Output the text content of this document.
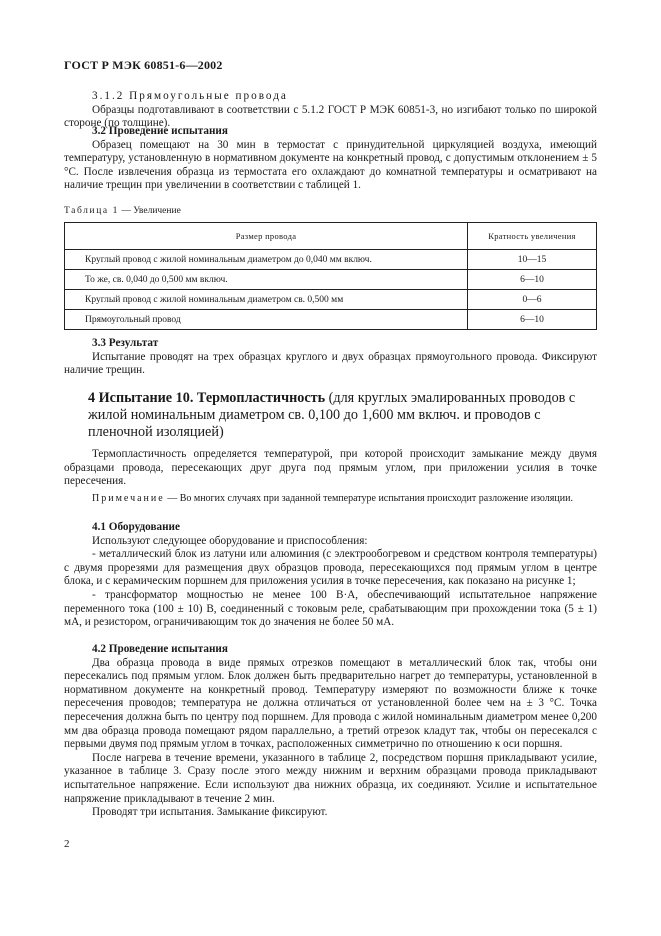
ГОСТ Р МЭК 60851-6—2002

3.1.2 Прямоугольные провода

Образцы подготавливают в соответствии с 5.1.2 ГОСТ Р МЭК 60851-3, но изгибают только по широкой стороне (по толщине).

3.2 Проведение испытания

Образец помещают на 30 мин в термостат с принудительной циркуляцией воздуха, имеющий температуру, установленную в нормативном документе на конкретный провод, с допустимым отклонением ± 5 °С. После извлечения образца из термостата его охлаждают до комнатной температуры и осматривают на наличие трещин при увеличении в соответствии с таблицей 1.

Таблица 1 — Увеличение

Размер провода	Кратность увеличения
Круглый провод с жилой номинальным диаметром до 0,040 мм включ.	10—15
То же, св. 0,040 до 0,500 мм включ.	6—10
Круглый провод с жилой номинальным диаметром св. 0,500 мм	0—6
Прямоугольный провод	6—10

3.3 Результат

Испытание проводят на трех образцах круглого и двух образцах прямоугольного провода. Фиксируют наличие трещин.

4 Испытание 10. Термопластичность (для круглых эмалированных проводов с жилой номинальным диаметром св. 0,100 до 1,600 мм включ. и проводов с пленочной изоляцией)

Термопластичность определяется температурой, при которой происходит замыкание между двумя образцами провода, пересекающих друг друга под прямым углом, при приложении усилия в точке пересечения.

Примечание — Во многих случаях при заданной температуре испытания происходит разложение изоляции.

4.1 Оборудование

Используют следующее оборудование и приспособления:

- металлический блок из латуни или алюминия (с электрообогревом и средством контроля температуры) с двумя прорезями для размещения двух образцов провода, пересекающихся под прямым углом в центре блока, и с керамическим поршнем для приложения усилия в точке пересечения, как показано на рисунке 1;

- трансформатор мощностью не менее 100 В·А, обеспечивающий испытательное напряжение переменного тока (100 ± 10) В, соединенный с токовым реле, срабатывающим при прохождении тока (5 ± 1) мА, и резистором, ограничивающим ток до значения не более 50 мА.

4.2 Проведение испытания

Два образца провода в виде прямых отрезков помещают в металлический блок так, чтобы они пересекались под прямым углом. Блок должен быть предварительно нагрет до температуры, установленной в нормативном документе на конкретный провод. Температуру измеряют по возможности ближе к точке пересечения проводов; температура не должна отличаться от установленной более чем на ± 3 °С. Точка пересечения должна быть по центру под поршнем. Для провода с жилой номинальным диаметром менее 0,200 мм два образца провода помещают рядом параллельно, а третий отрезок кладут так, чтобы он пересекался с первыми двумя под прямым углом в точках, расположенных симметрично по отношению к оси поршня.

После нагрева в течение времени, указанного в таблице 2, посредством поршня прикладывают усилие, указанное в таблице 3. Сразу после этого между нижним и верхним образцами провода прикладывают испытательное напряжение. Если используют два нижних образца, их соединяют. Усилие и испытательное напряжение прикладывают в течение 2 мин.

Проводят три испытания. Замыкание фиксируют.

2
